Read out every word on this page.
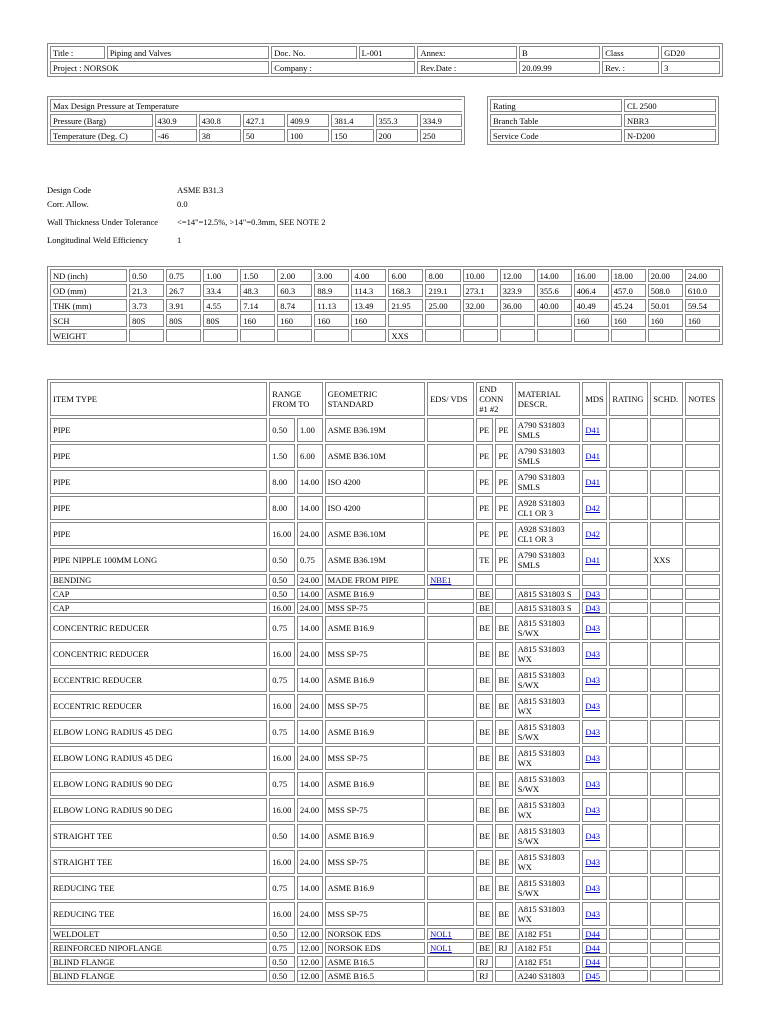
Title :	Piping and Valves	Doc. No.	L-001	Annex:	B	Class	GD20
Project : NORSOK		Company :		Rev.Date :	20.09.99	Rev. :	3
Max Design Pressure at Temperature							
Pressure (Barg)	430.9	430.8	427.1	409.9	381.4	355.3	334.9
Temperature (Deg. C)	-46	38	50	100	150	200	250
Rating	CL 2500
Branch Table	NBR3
Service Code	N-D200
Design Code	ASME B31.3
Corr. Allow.	0.0
Wall Thickness Under Tolerance	<=14"=12.5%, >14"=0.3mm, SEE NOTE 2
Longitudinal Weld Efficiency	1
ND (inch)	0.50	0.75	1.00	1.50	2.00	3.00	4.00	6.00	8.00	10.00	12.00	14.00	16.00	18.00	20.00	24.00
OD (mm)	21.3	26.7	33.4	48.3	60.3	88.9	114.3	168.3	219.1	273.1	323.9	355.6	406.4	457.0	508.0	610.0
THK (mm)	3.73	3.91	4.55	7.14	8.74	11.13	13.49	21.95	25.00	32.00	36.00	40.00	40.49	45.24	50.01	59.54
SCH	80S	80S	80S	160	160	160	160						160	160	160	160
WEIGHT								XXS								
ITEM TYPE	RANGE FROM TO		GEOMETRIC STANDARD	EDS/ VDS	END CONN #1 #2		MATERIAL DESCR.	MDS	RATING	SCHD.	NOTES
PIPE	0.50	1.00	ASME B36.19M		PE	PE	A790 S31803 SMLS	D41			
PIPE	1.50	6.00	ASME B36.10M		PE	PE	A790 S31803 SMLS	D41			
PIPE	8.00	14.00	ISO 4200		PE	PE	A790 S31803 SMLS	D41			
PIPE	8.00	14.00	ISO 4200		PE	PE	A928 S31803 CL1 OR 3	D42			
PIPE	16.00	24.00	ASME B36.10M		PE	PE	A928 S31803 CL1 OR 3	D42			
PIPE NIPPLE 100MM LONG	0.50	0.75	ASME B36.19M		TE	PE	A790 S31803 SMLS	D41		XXS	
BENDING	0.50	24.00	MADE FROM PIPE	NBE1							
CAP	0.50	14.00	ASME B16.9		BE		A815 S31803 S	D43			
CAP	16.00	24.00	MSS SP-75		BE		A815 S31803 S	D43			
CONCENTRIC REDUCER	0.75	14.00	ASME B16.9		BE	BE	A815 S31803 S/WX	D43			
CONCENTRIC REDUCER	16.00	24.00	MSS SP-75		BE	BE	A815 S31803 WX	D43			
ECCENTRIC REDUCER	0.75	14.00	ASME B16.9		BE	BE	A815 S31803 S/WX	D43			
ECCENTRIC REDUCER	16.00	24.00	MSS SP-75		BE	BE	A815 S31803 WX	D43			
ELBOW LONG RADIUS 45 DEG	0.75	14.00	ASME B16.9		BE	BE	A815 S31803 S/WX	D43			
ELBOW LONG RADIUS 45 DEG	16.00	24.00	MSS SP-75		BE	BE	A815 S31803 WX	D43			
ELBOW LONG RADIUS 90 DEG	0.75	14.00	ASME B16.9		BE	BE	A815 S31803 S/WX	D43			
ELBOW LONG RADIUS 90 DEG	16.00	24.00	MSS SP-75		BE	BE	A815 S31803 WX	D43			
STRAIGHT TEE	0.50	14.00	ASME B16.9		BE	BE	A815 S31803 S/WX	D43			
STRAIGHT TEE	16.00	24.00	MSS SP-75		BE	BE	A815 S31803 WX	D43			
REDUCING TEE	0.75	14.00	ASME B16.9		BE	BE	A815 S31803 S/WX	D43			
REDUCING TEE	16.00	24.00	MSS SP-75		BE	BE	A815 S31803 WX	D43			
WELDOLET	0.50	12.00	NORSOK EDS	NOL1	BE	BE	A182 F51	D44			
REINFORCED NIPOFLANGE	0.75	12.00	NORSOK EDS	NOL1	BE	RJ	A182 F51	D44			
BLIND FLANGE	0.50	12.00	ASME B16.5		RJ		A182 F51	D44			
BLIND FLANGE	0.50	12.00	ASME B16.5		RJ		A240 S31803	D45			
